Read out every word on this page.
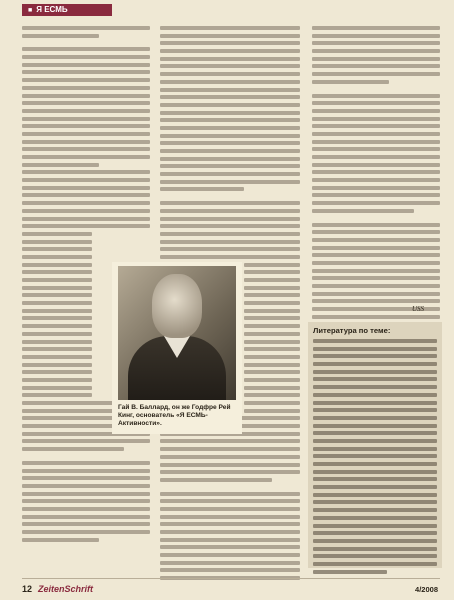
■ Я ЕСМЬ
USS
Гай В. Баллард, он же Годфре Рей Кинг, основатель «Я ЕСМЬ-Активности».
Литература по теме:
12 ZeitenSchrift	4/2008
